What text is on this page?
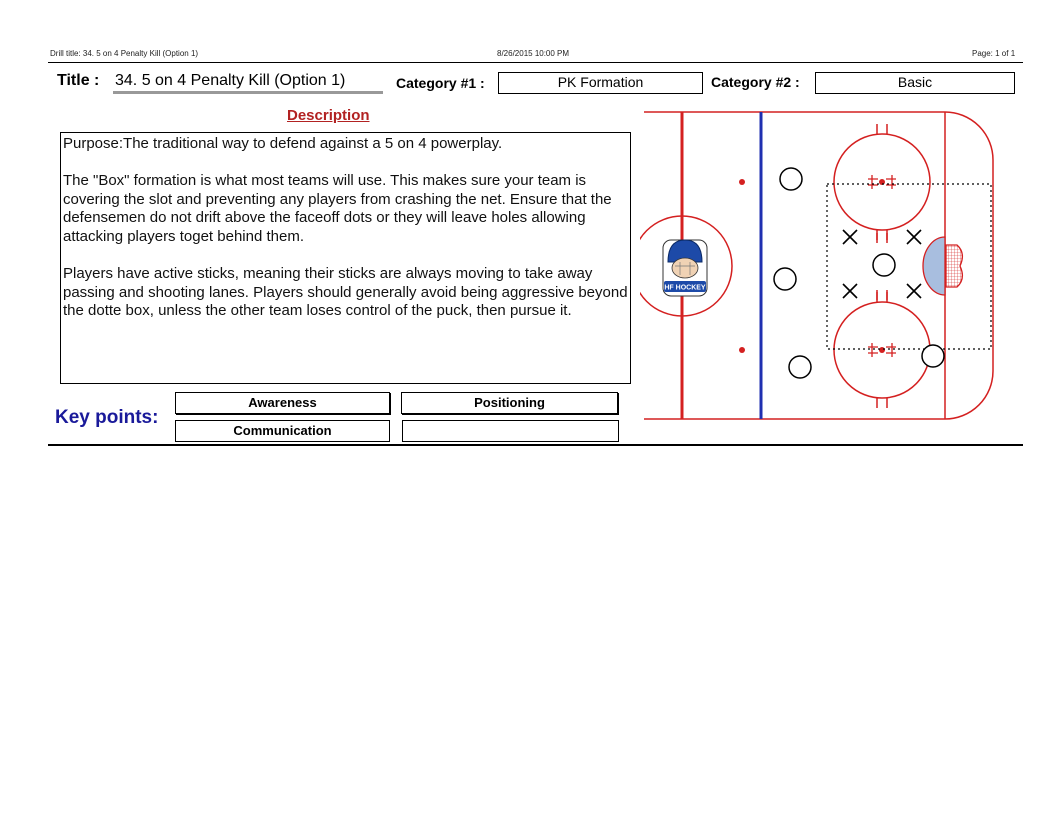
Drill title: 34. 5 on 4 Penalty Kill (Option 1)	8/26/2015 10:00 PM	Page: 1 of 1
Title : 34. 5 on 4 Penalty Kill (Option 1)	Category #1 :	PK Formation	Category #2 :	Basic
Description

Purpose:The traditional way to defend against a 5 on 4 powerplay.

The "Box" formation is what most teams will use. This makes sure your team is covering the slot and preventing any players from crashing the net. Ensure that the defensemen do not drift above the faceoff dots or they will leave holes allowing attacking players toget behind them.

Players have active sticks, meaning their sticks are always moving to take away passing and shooting lanes. Players should generally avoid being aggressive beyond the dotte box, unless the other team loses control of the puck, then pursue it.

Key points:
Awareness	Positioning
Communication
HF HOCKEY
